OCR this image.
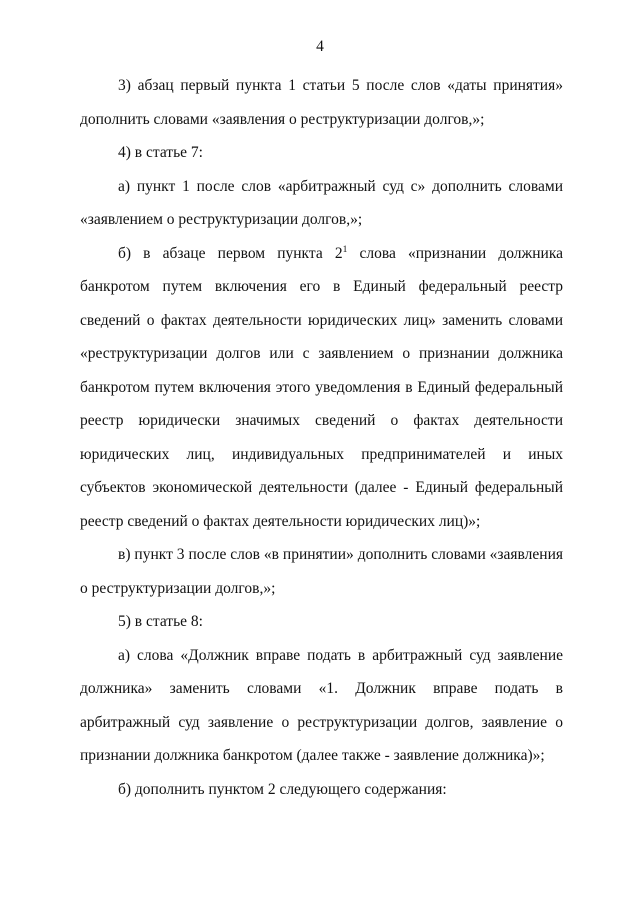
4

3) абзац первый пункта 1 статьи 5 после слов «даты принятия» дополнить словами «заявления о реструктуризации долгов,»;

4) в статье 7:

а) пункт 1 после слов «арбитражный суд с» дополнить словами «заявлением о реструктуризации долгов,»;

б) в абзаце первом пункта $2^1$ слова «признании должника банкротом путем включения его в Единый федеральный реестр сведений о фактах деятельности юридических лиц» заменить словами «реструктуризации долгов или с заявлением о признании должника банкротом путем включения этого уведомления в Единый федеральный реестр юридически значимых сведений о фактах деятельности юридических лиц, индивидуальных предпринимателей и иных субъектов экономической деятельности (далее - Единый федеральный реестр сведений о фактах деятельности юридических лиц)»;

в) пункт 3 после слов «в принятии» дополнить словами «заявления о реструктуризации долгов,»;

5) в статье 8:

а) слова «Должник вправе подать в арбитражный суд заявление должника» заменить словами «1. Должник вправе подать в арбитражный суд заявление о реструктуризации долгов, заявление о признании должника банкротом (далее также - заявление должника)»;

б) дополнить пунктом 2 следующего содержания:
